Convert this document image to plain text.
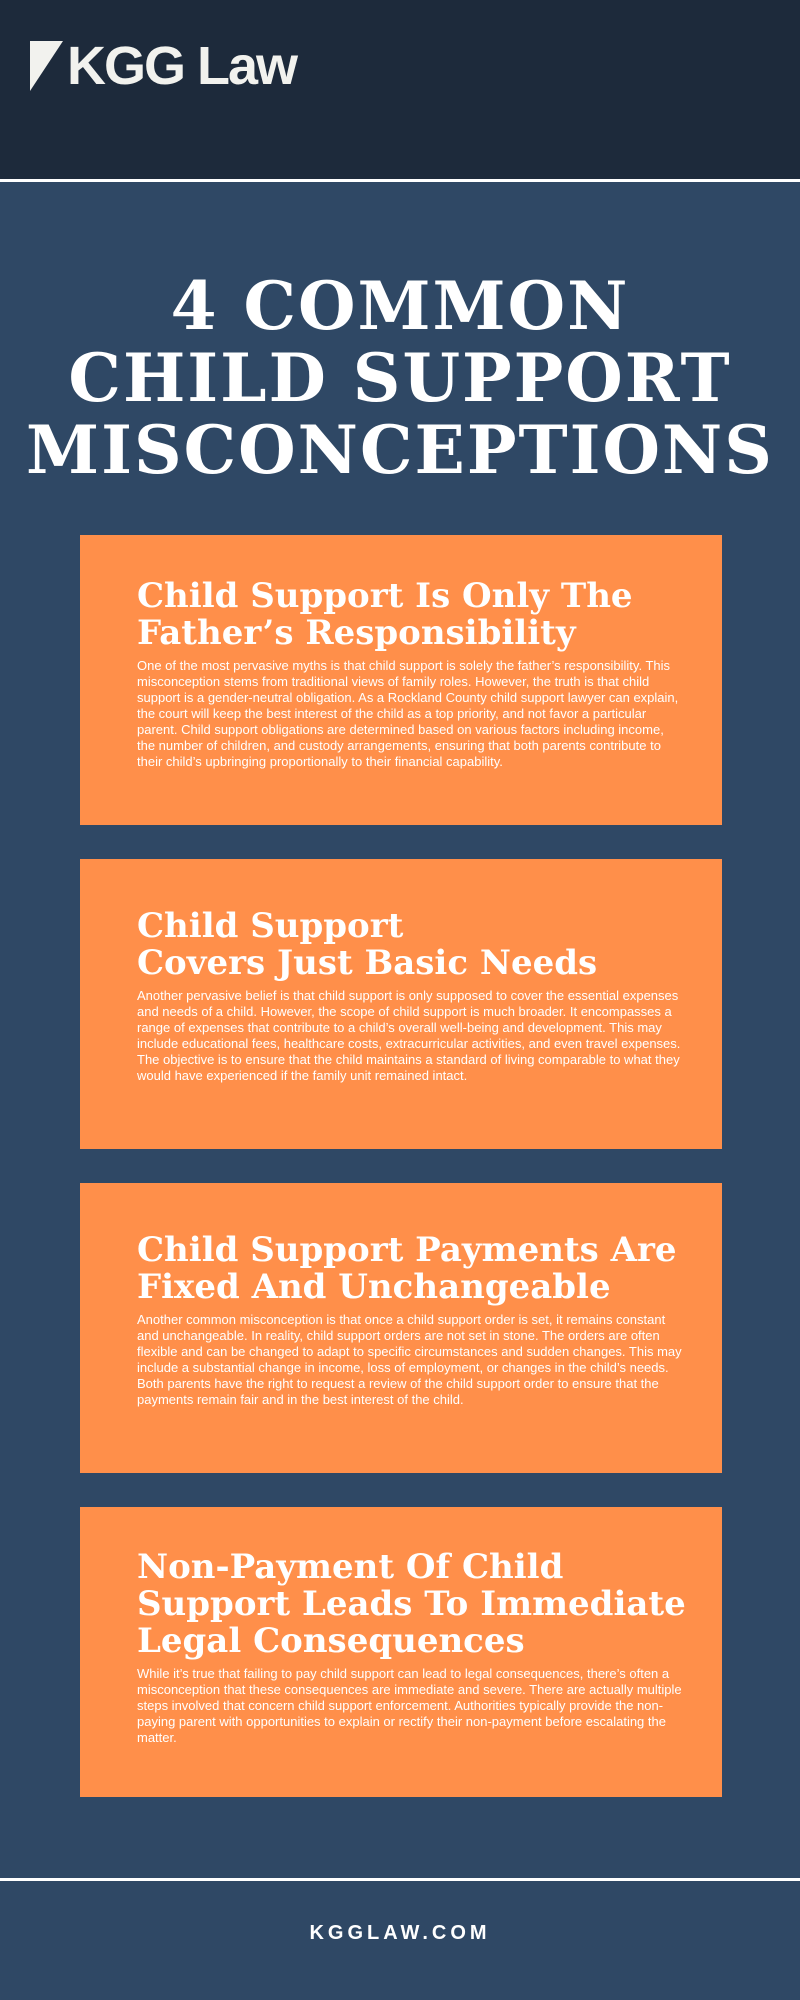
KGG Law
4 COMMON
CHILD SUPPORT
MISCONCEPTIONS
Child Support Is Only The
Father’s Responsibility

One of the most pervasive myths is that child support is solely the father’s responsibility. This misconception stems from traditional views of family roles. However, the truth is that child support is a gender-neutral obligation. As a Rockland County child support lawyer can explain, the court will keep the best interest of the child as a top priority, and not favor a particular parent. Child support obligations are determined based on various factors including income, the number of children, and custody arrangements, ensuring that both parents contribute to their child’s upbringing proportionally to their financial capability.

Child Support
Covers Just Basic Needs

Another pervasive belief is that child support is only supposed to cover the essential expenses and needs of a child. However, the scope of child support is much broader. It encompasses a range of expenses that contribute to a child’s overall well-being and development. This may include educational fees, healthcare costs, extracurricular activities, and even travel expenses. The objective is to ensure that the child maintains a standard of living comparable to what they would have experienced if the family unit remained intact.

Child Support Payments Are
Fixed And Unchangeable

Another common misconception is that once a child support order is set, it remains constant and unchangeable. In reality, child support orders are not set in stone. The orders are often flexible and can be changed to adapt to specific circumstances and sudden changes. This may include a substantial change in income, loss of employment, or changes in the child’s needs. Both parents have the right to request a review of the child support order to ensure that the payments remain fair and in the best interest of the child.

Non-Payment Of Child
Support Leads To Immediate
Legal Consequences

While it’s true that failing to pay child support can lead to legal consequences, there’s often a misconception that these consequences are immediate and severe. There are actually multiple steps involved that concern child support enforcement. Authorities typically provide the non-paying parent with opportunities to explain or rectify their non-payment before escalating the matter.

KGGLAW.COM
